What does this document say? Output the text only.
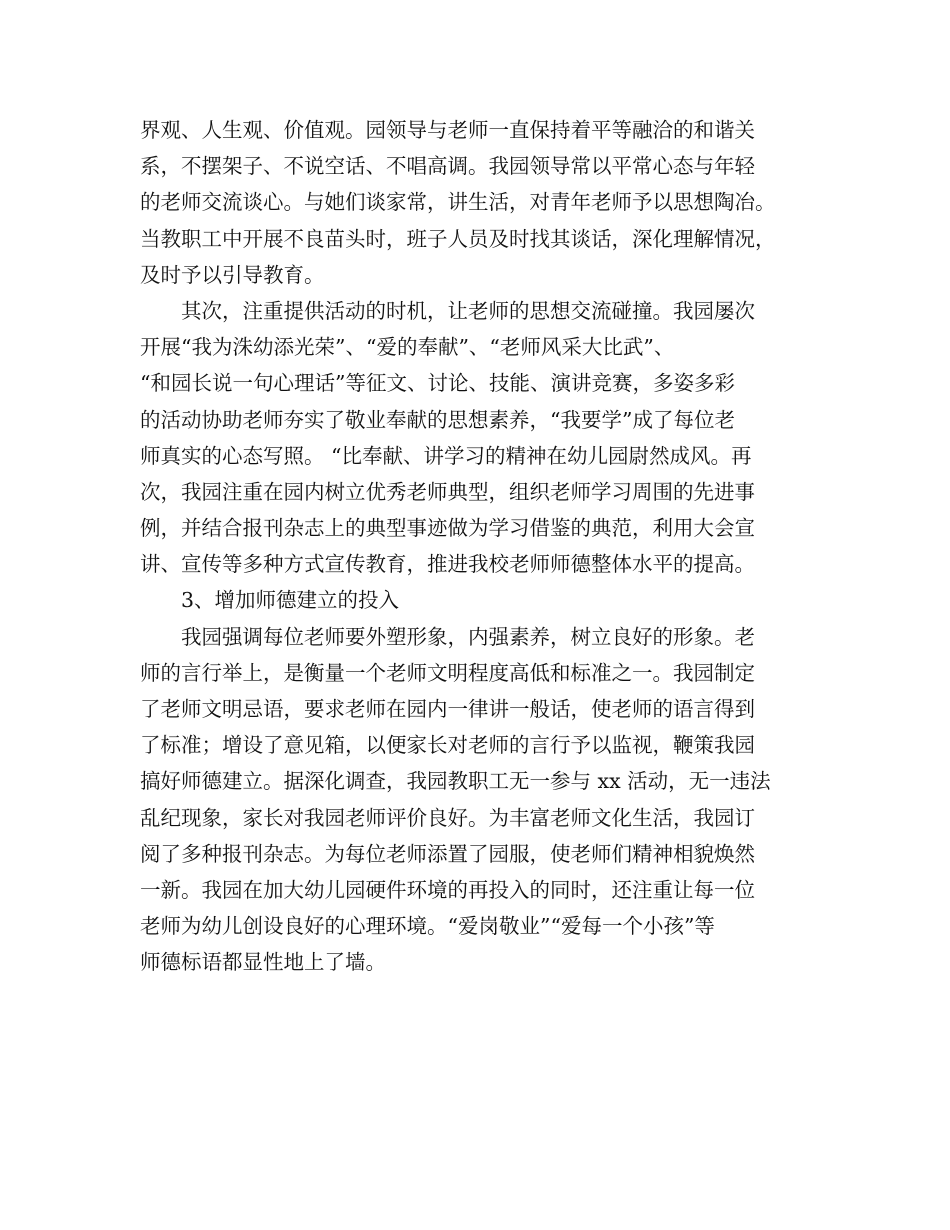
界观、人生观、价值观。园领导与老师一直保持着平等融洽的和谐关
系，不摆架子、不说空话、不唱高调。我园领导常以平常心态与年轻
的老师交流谈心。与她们谈家常，讲生活，对青年老师予以思想陶冶。
当教职工中开展不良苗头时，班子人员及时找其谈话，深化理解情况，
及时予以引导教育。
其次，注重提供活动的时机，让老师的思想交流碰撞。我园屡次
开展“我为洙幼添光荣”、“爱的奉献”、“老师风采大比武”、
“和园长说一句心理话”等征文、讨论、技能、演讲竞赛，多姿多彩
的活动协助老师夯实了敬业奉献的思想素养，“我要学”成了每位老
师真实的心态写照。 “比奉献、讲学习的精神在幼儿园尉然成风。再
次，我园注重在园内树立优秀老师典型，组织老师学习周围的先进事
例，并结合报刊杂志上的典型事迹做为学习借鉴的典范，利用大会宣
讲、宣传等多种方式宣传教育，推进我校老师师德整体水平的提高。
3、增加师德建立的投入
我园强调每位老师要外塑形象，内强素养，树立良好的形象。老
师的言行举上，是衡量一个老师文明程度高低和标准之一。我园制定
了老师文明忌语，要求老师在园内一律讲一般话，使老师的语言得到
了标准；增设了意见箱，以便家长对老师的言行予以监视，鞭策我园
搞好师德建立。据深化调查，我园教职工无一参与 xx 活动，无一违法
乱纪现象，家长对我园老师评价良好。为丰富老师文化生活，我园订
阅了多种报刊杂志。为每位老师添置了园服，使老师们精神相貌焕然
一新。我园在加大幼儿园硬件环境的再投入的同时，还注重让每一位
老师为幼儿创设良好的心理环境。“爱岗敬业”“爱每一个小孩”等
师德标语都显性地上了墙。
